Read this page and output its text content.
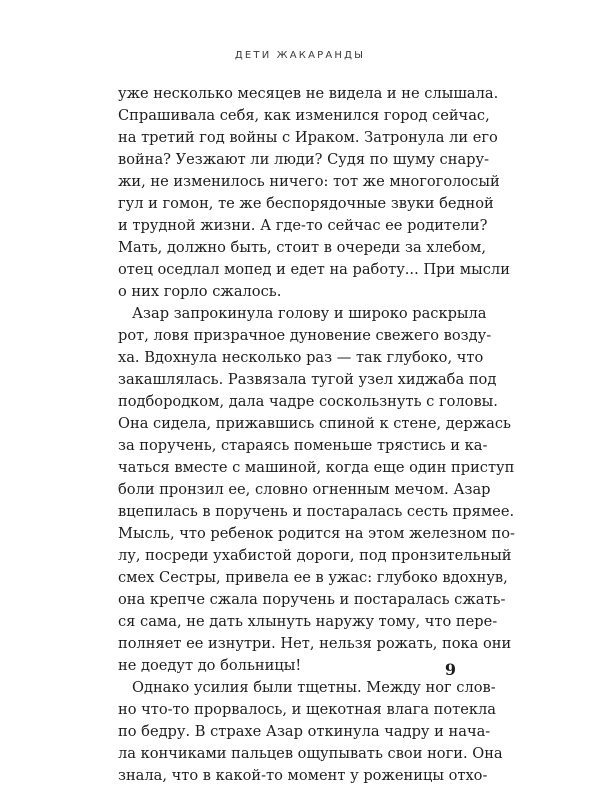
ДЕТИ ЖАКАРАНДЫ
уже несколько месяцев не видела и не слышала.
Спрашивала себя, как изменился город сейчас,
на третий год войны с Ираком. Затронула ли его
война? Уезжают ли люди? Судя по шуму снару-
жи, не изменилось ничего: тот же многоголосый
гул и гомон, те же беспорядочные звуки бедной
и трудной жизни. А где-то сейчас ее родители?
Мать, должно быть, стоит в очереди за хлебом,
отец оседлал мопед и едет на работу... При мысли
о них горло сжалось.
Азар запрокинула голову и широко раскрыла
рот, ловя призрачное дуновение свежего возду-
ха. Вдохнула несколько раз — так глубоко, что
закашлялась. Развязала тугой узел хиджаба под
подбородком, дала чадре соскользнуть с головы.
Она сидела, прижавшись спиной к стене, держась
за поручень, стараясь поменьше трястись и ка-
чаться вместе с машиной, когда еще один приступ
боли пронзил ее, словно огненным мечом. Азар
вцепилась в поручень и постаралась сесть прямее.
Мысль, что ребенок родится на этом железном по-
лу, посреди ухабистой дороги, под пронзительный
смех Сестры, привела ее в ужас: глубоко вдохнув,
она крепче сжала поручень и постаралась сжать-
ся сама, не дать хлынуть наружу тому, что пере-
полняет ее изнутри. Нет, нельзя рожать, пока они
не доедут до больницы!
Однако усилия были тщетны. Между ног слов-
но что-то прорвалось, и щекотная влага потекла
по бедру. В страхе Азар откинула чадру и нача-
ла кончиками пальцев ощупывать свои ноги. Она
знала, что в какой-то момент у роженицы отхо-
9
